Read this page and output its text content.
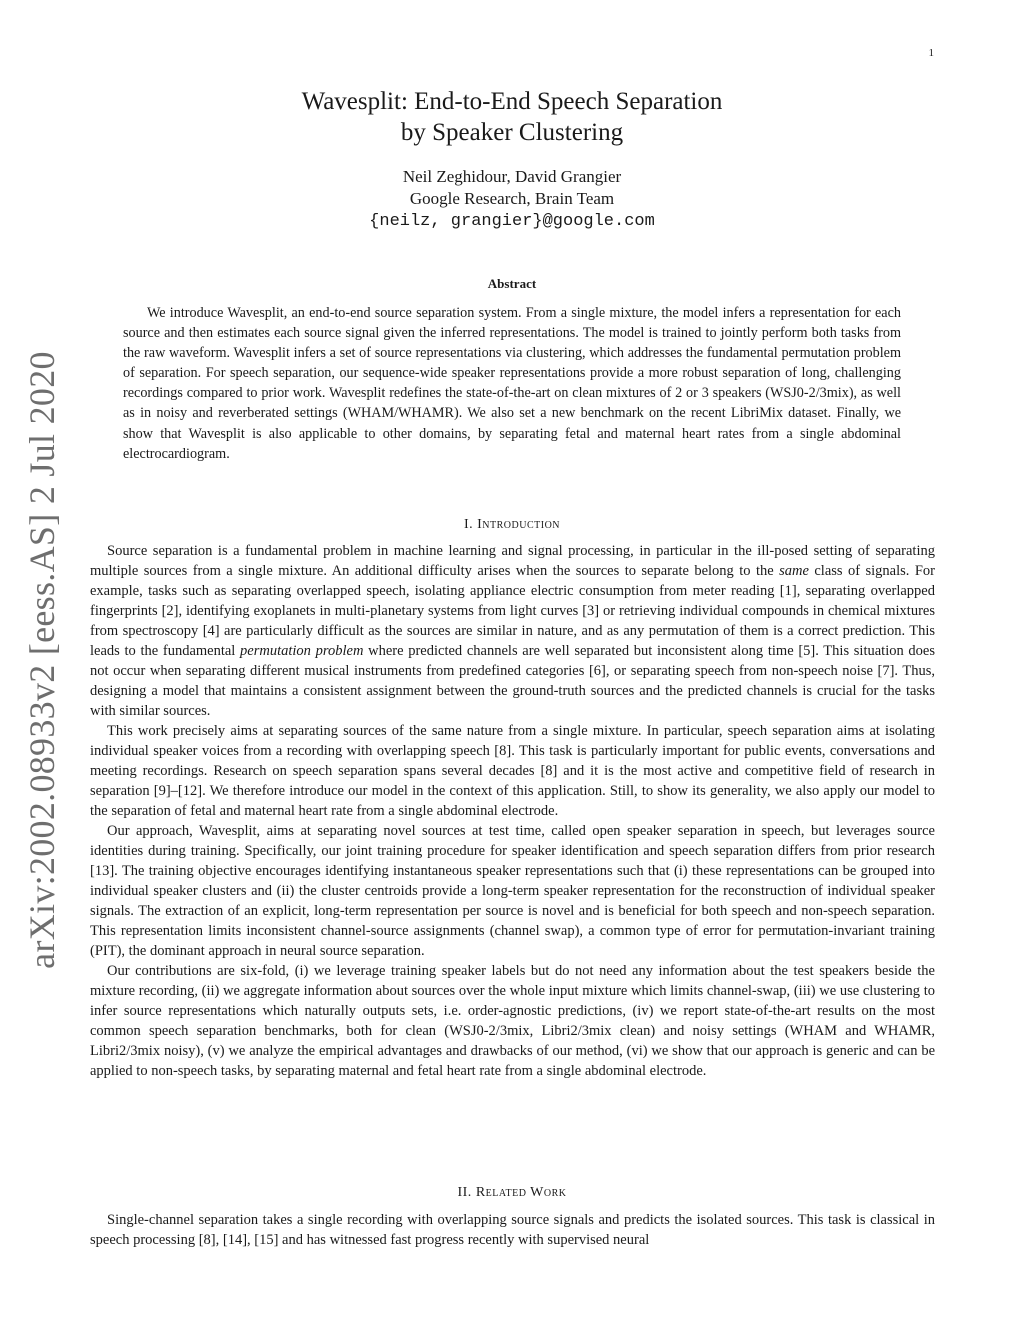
1
arXiv:2002.08933v2 [eess.AS] 2 Jul 2020
Wavesplit: End-to-End Speech Separation
by Speaker Clustering
Neil Zeghidour, David Grangier
Google Research, Brain Team
{neilz, grangier}@google.com
Abstract

We introduce Wavesplit, an end-to-end source separation system. From a single mixture, the model infers a representation for each source and then estimates each source signal given the inferred representations. The model is trained to jointly perform both tasks from the raw waveform. Wavesplit infers a set of source representations via clustering, which addresses the fundamental permutation problem of separation. For speech separation, our sequence-wide speaker representations provide a more robust separation of long, challenging recordings compared to prior work. Wavesplit redefines the state-of-the-art on clean mixtures of 2 or 3 speakers (WSJ0-2/3mix), as well as in noisy and reverberated settings (WHAM/WHAMR). We also set a new benchmark on the recent LibriMix dataset. Finally, we show that Wavesplit is also applicable to other domains, by separating fetal and maternal heart rates from a single abdominal electrocardiogram.

I. Introduction

Source separation is a fundamental problem in machine learning and signal processing, in particular in the ill-posed setting of separating multiple sources from a single mixture. An additional difficulty arises when the sources to separate belong to the same class of signals. For example, tasks such as separating overlapped speech, isolating appliance electric consumption from meter reading [1], separating overlapped fingerprints [2], identifying exoplanets in multi-planetary systems from light curves [3] or retrieving individual compounds in chemical mixtures from spectroscopy [4] are particularly difficult as the sources are similar in nature, and as any permutation of them is a correct prediction. This leads to the fundamental permutation problem where predicted channels are well separated but inconsistent along time [5]. This situation does not occur when separating different musical instruments from predefined categories [6], or separating speech from non-speech noise [7]. Thus, designing a model that maintains a consistent assignment between the ground-truth sources and the predicted channels is crucial for the tasks with similar sources.

This work precisely aims at separating sources of the same nature from a single mixture. In particular, speech separation aims at isolating individual speaker voices from a recording with overlapping speech [8]. This task is particularly important for public events, conversations and meeting recordings. Research on speech separation spans several decades [8] and it is the most active and competitive field of research in separation [9]–[12]. We therefore introduce our model in the context of this application. Still, to show its generality, we also apply our model to the separation of fetal and maternal heart rate from a single abdominal electrode.

Our approach, Wavesplit, aims at separating novel sources at test time, called open speaker separation in speech, but leverages source identities during training. Specifically, our joint training procedure for speaker identification and speech separation differs from prior research [13]. The training objective encourages identifying instantaneous speaker representations such that (i) these representations can be grouped into individual speaker clusters and (ii) the cluster centroids provide a long-term speaker representation for the reconstruction of individual speaker signals. The extraction of an explicit, long-term representation per source is novel and is beneficial for both speech and non-speech separation. This representation limits inconsistent channel-source assignments (channel swap), a common type of error for permutation-invariant training (PIT), the dominant approach in neural source separation.

Our contributions are six-fold, (i) we leverage training speaker labels but do not need any information about the test speakers beside the mixture recording, (ii) we aggregate information about sources over the whole input mixture which limits channel-swap, (iii) we use clustering to infer source representations which naturally outputs sets, i.e. order-agnostic predictions, (iv) we report state-of-the-art results on the most common speech separation benchmarks, both for clean (WSJ0-2/3mix, Libri2/3mix clean) and noisy settings (WHAM and WHAMR, Libri2/3mix noisy), (v) we analyze the empirical advantages and drawbacks of our method, (vi) we show that our approach is generic and can be applied to non-speech tasks, by separating maternal and fetal heart rate from a single abdominal electrode.

II. Related Work

Single-channel separation takes a single recording with overlapping source signals and predicts the isolated sources. This task is classical in speech processing [8], [14], [15] and has witnessed fast progress recently with supervised neural
